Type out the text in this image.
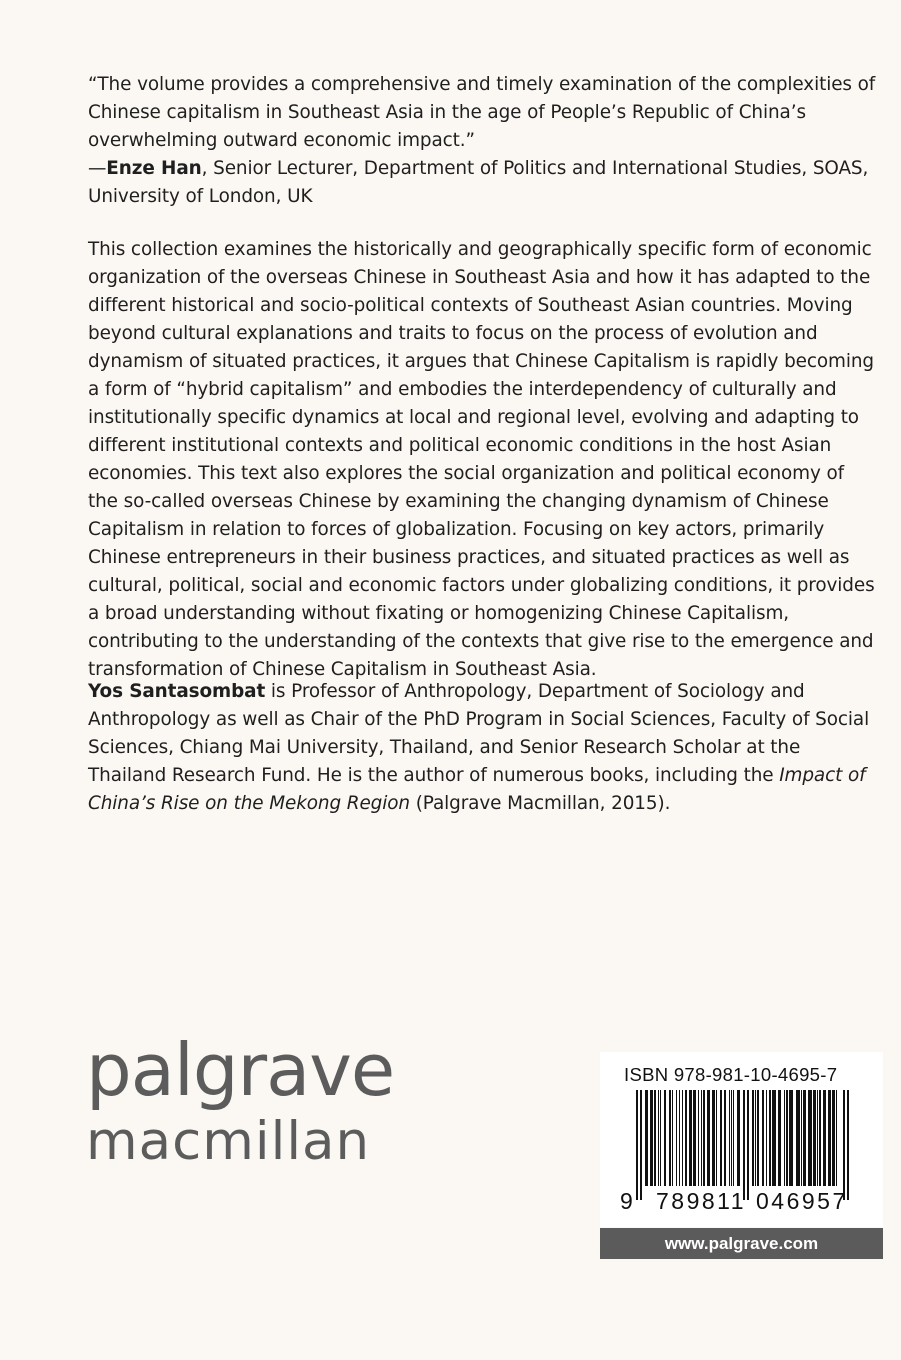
“The volume provides a comprehensive and timely examination of the complexities of Chinese capitalism in Southeast Asia in the age of People’s Republic of China’s overwhelming outward economic impact.”
—Enze Han, Senior Lecturer, Department of Politics and International Studies, SOAS, University of London, UK

This collection examines the historically and geographically specific form of economic organization of the overseas Chinese in Southeast Asia and how it has adapted to the different historical and socio-political contexts of Southeast Asian countries. Moving beyond cultural explanations and traits to focus on the process of evolution and dynamism of situated practices, it argues that Chinese Capitalism is rapidly becoming a form of “hybrid capitalism” and embodies the interdependency of culturally and institutionally specific dynamics at local and regional level, evolving and adapting to different institutional contexts and political economic conditions in the host Asian economies. This text also explores the social organization and political economy of the so-called overseas Chinese by examining the changing dynamism of Chinese Capitalism in relation to forces of globalization. Focusing on key actors, primarily Chinese entrepreneurs in their business practices, and situated practices as well as cultural, political, social and economic factors under globalizing conditions, it provides a broad understanding without fixating or homogenizing Chinese Capitalism, contributing to the understanding of the contexts that give rise to the emergence and transformation of Chinese Capitalism in Southeast Asia.

Yos Santasombat is Professor of Anthropology, Department of Sociology and Anthropology as well as Chair of the PhD Program in Social Sciences, Faculty of Social Sciences, Chiang Mai University, Thailand, and Senior Research Scholar at the Thailand Research Fund. He is the author of numerous books, including the Impact of China’s Rise on the Mekong Region (Palgrave Macmillan, 2015).

palgrave
macmillan
ISBN 978-981-10-4695-7
9 789811 046957
www.palgrave.com
